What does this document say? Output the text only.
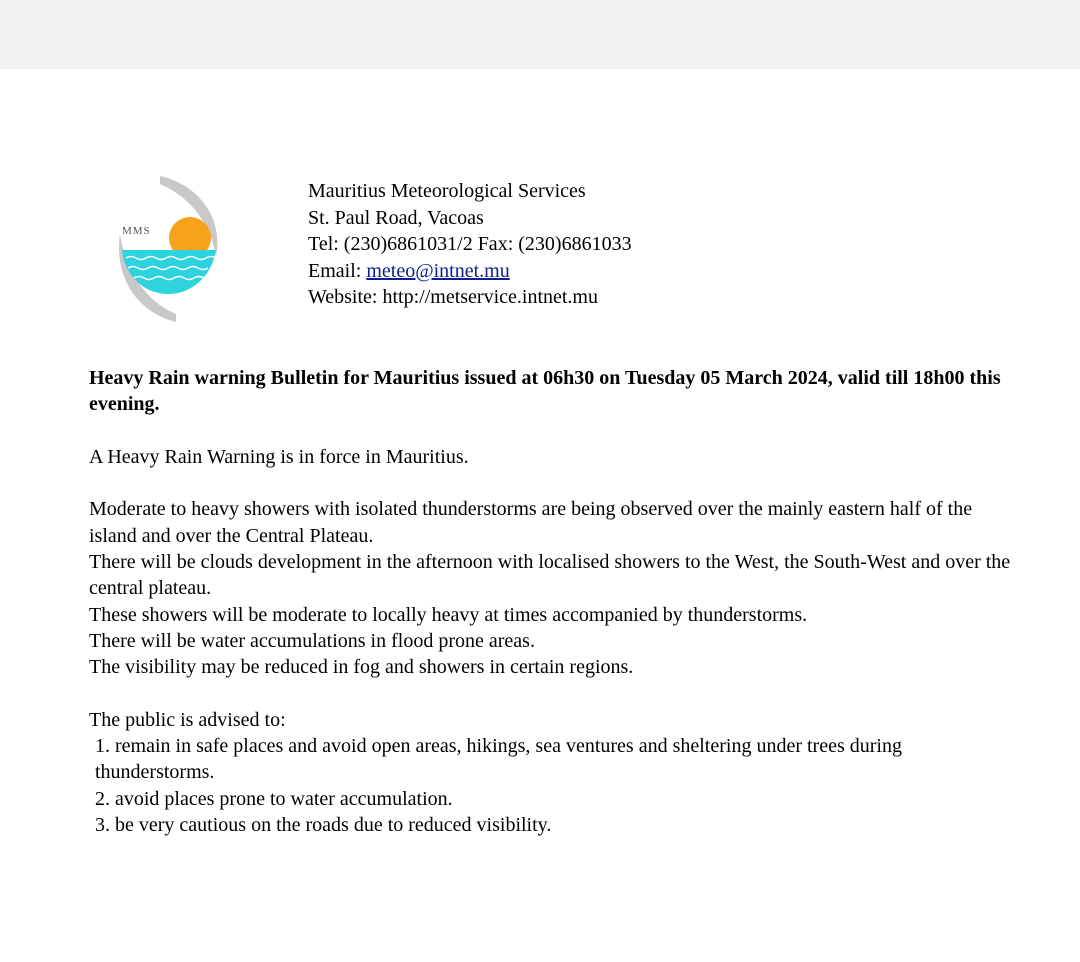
MMS
Mauritius Meteorological Services
St. Paul Road, Vacoas
Tel: (230)6861031/2 Fax: (230)6861033
Email: meteo@intnet.mu
Website: http://metservice.intnet.mu

Heavy Rain warning Bulletin for Mauritius issued at 06h30 on Tuesday 05 March 2024, valid till 18h00 this evening.

A Heavy Rain Warning is in force in Mauritius.

Moderate to heavy showers with isolated thunderstorms are being observed over the mainly eastern half of the island and over the Central Plateau.

There will be clouds development in the afternoon with localised showers to the West, the South-West and over the central plateau.

These showers will be moderate to locally heavy at times accompanied by thunderstorms.

There will be water accumulations in flood prone areas.

The visibility may be reduced in fog and showers in certain regions.

The public is advised to:

1. remain in safe places and avoid open areas, hikings, sea ventures and sheltering under trees during thunderstorms.
2. avoid places prone to water accumulation.
3. be very cautious on the roads due to reduced visibility.
